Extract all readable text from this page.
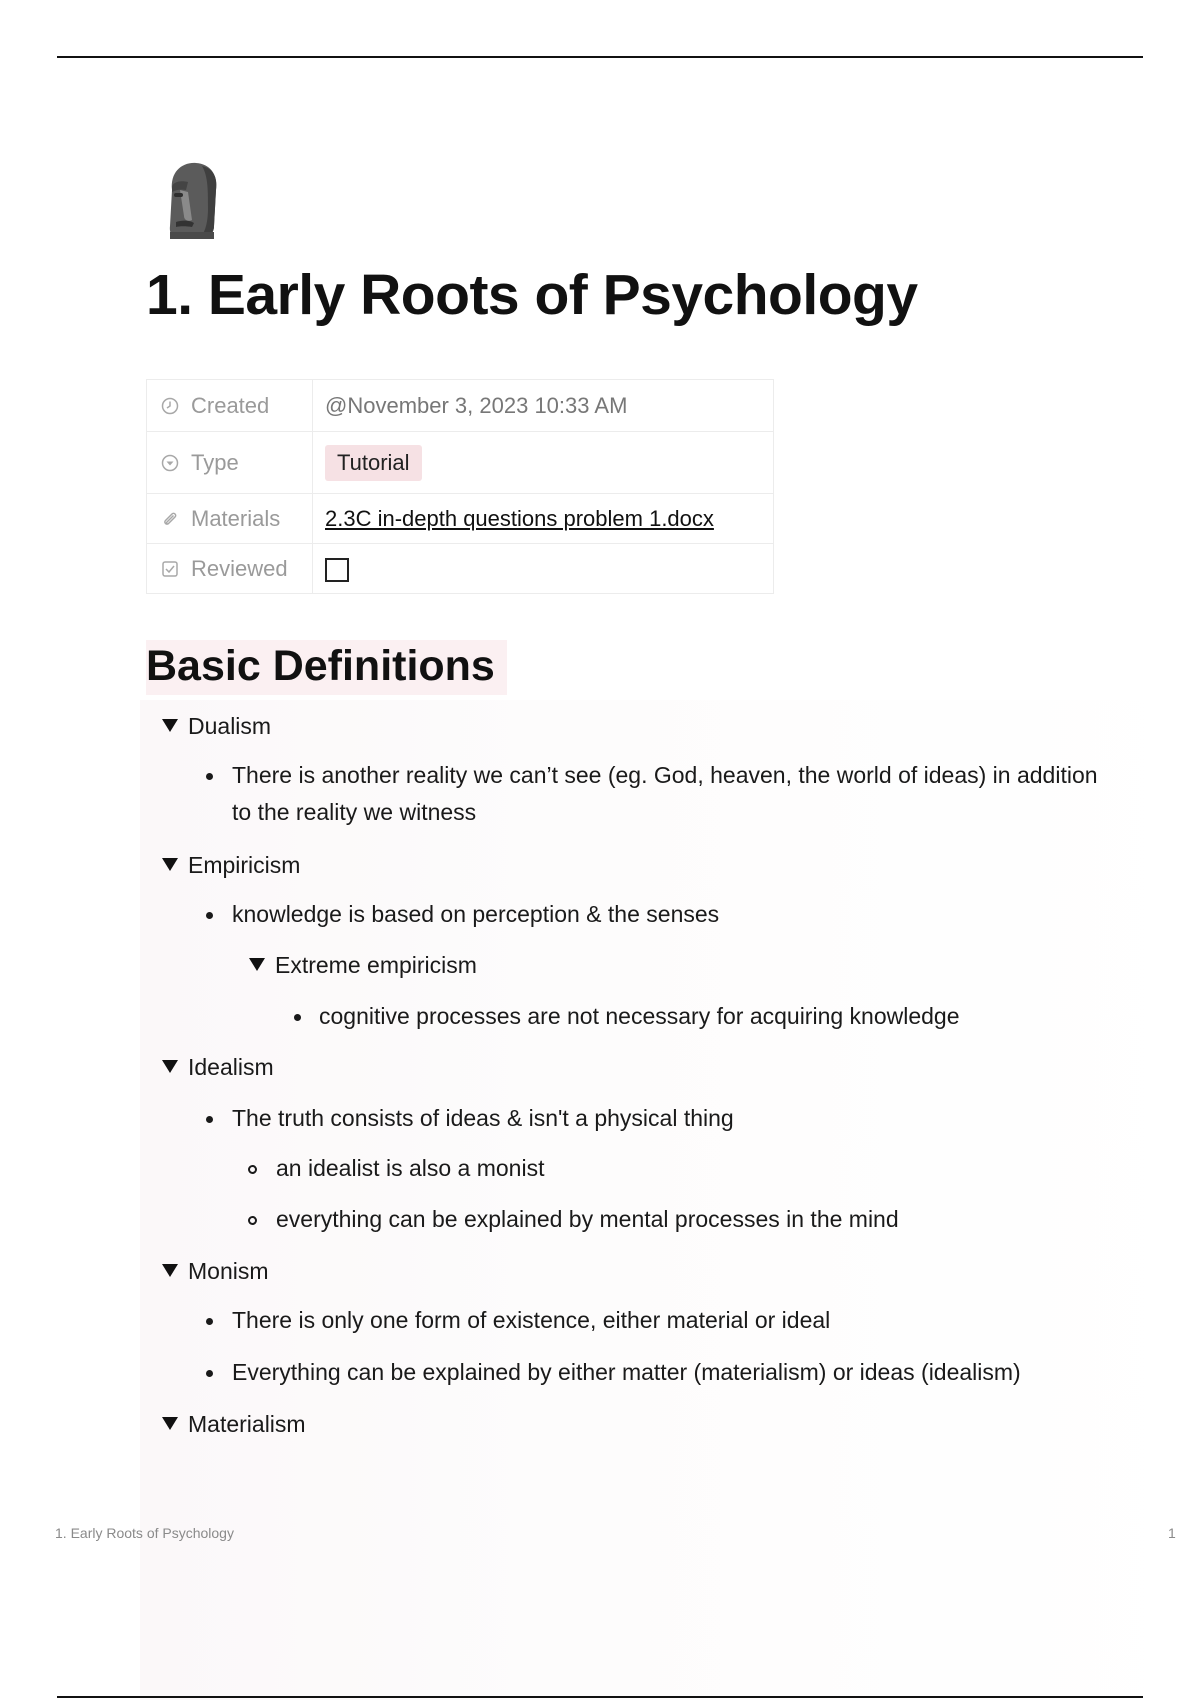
1. Early Roots of Psychology
Created	@November 3, 2023 10:33 AM
Type	Tutorial
Materials	2.3C in-depth questions problem 1.docx
Reviewed	
Basic Definitions
Dualism
There is another reality we can’t see (eg. God, heaven, the world of ideas) in addition to the reality we witness
Empiricism
knowledge is based on perception & the senses
Extreme empiricism
cognitive processes are not necessary for acquiring knowledge
Idealism
The truth consists of ideas & isn't a physical thing
an idealist is also a monist
everything can be explained by mental processes in the mind
Monism
There is only one form of existence, either material or ideal
Everything can be explained by either matter (materialism) or ideas (idealism)
Materialism
1. Early Roots of Psychology	1
